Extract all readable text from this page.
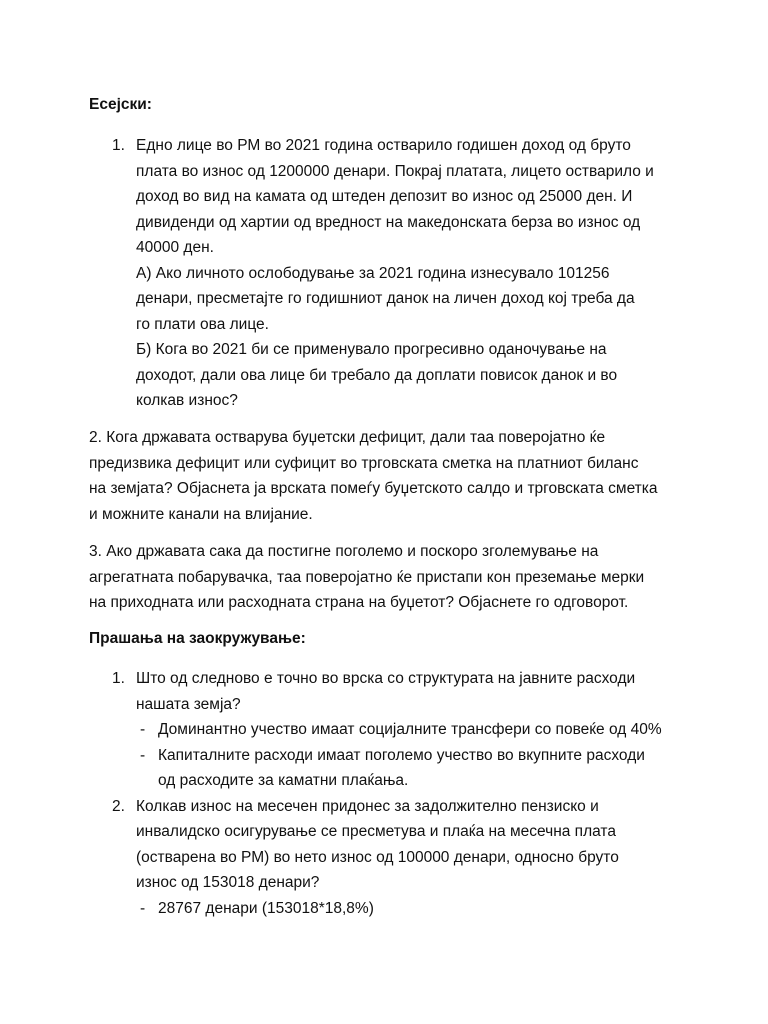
Есејски:
1. Едно лице во РМ во 2021 година остварило годишен доход од бруто
плата во износ од 1200000 денари. Покрај платата, лицето остварило и
доход во вид на камата од штеден депозит во износ од 25000 ден. И
дивиденди од хартии од вредност на македонската берза во износ од
40000 ден.
А) Ако личното ослободување за 2021 година изнесувало 101256
денари, пресметајте го годишниот данок на личен доход кој треба да
го плати ова лице.
Б) Кога во 2021 би се применувало прогресивно оданочување на
доходот, дали ова лице би требало да доплати повисок данок и во
колкав износ?
2. Кога државата остварува буџетски дефицит, дали таа поверојатно ќе
предизвика дефицит или суфицит во трговската сметка на платниот биланс
на земјата? Објаснета ја врската помеѓу буџетското салдо и трговската сметка
и можните канали на влијание.
3. Ако државата сака да постигне поголемо и поскоро зголемување на
агрегатната побарувачка, таа поверојатно ќе пристапи кон преземање мерки
на приходната или расходната страна на буџетот? Објаснете го одговорот.
Прашања на заокружување:
1. Што од следново е точно во врска со структурата на јавните расходи
нашата земја?
- Доминантно учество имаат социјалните трансфери со повеќе од 40%
- Капиталните расходи имаат поголемо учество во вкупните расходи
од расходите за каматни плаќања.
2. Колкав износ на месечен придонес за задолжително пензиско и
инвалидско осигурување се пресметува и плаќа на месечна плата
(остварена во РМ) во нето износ од 100000 денари, односно бруто
износ од 153018 денари?
- 28767 денари (153018*18,8%)
